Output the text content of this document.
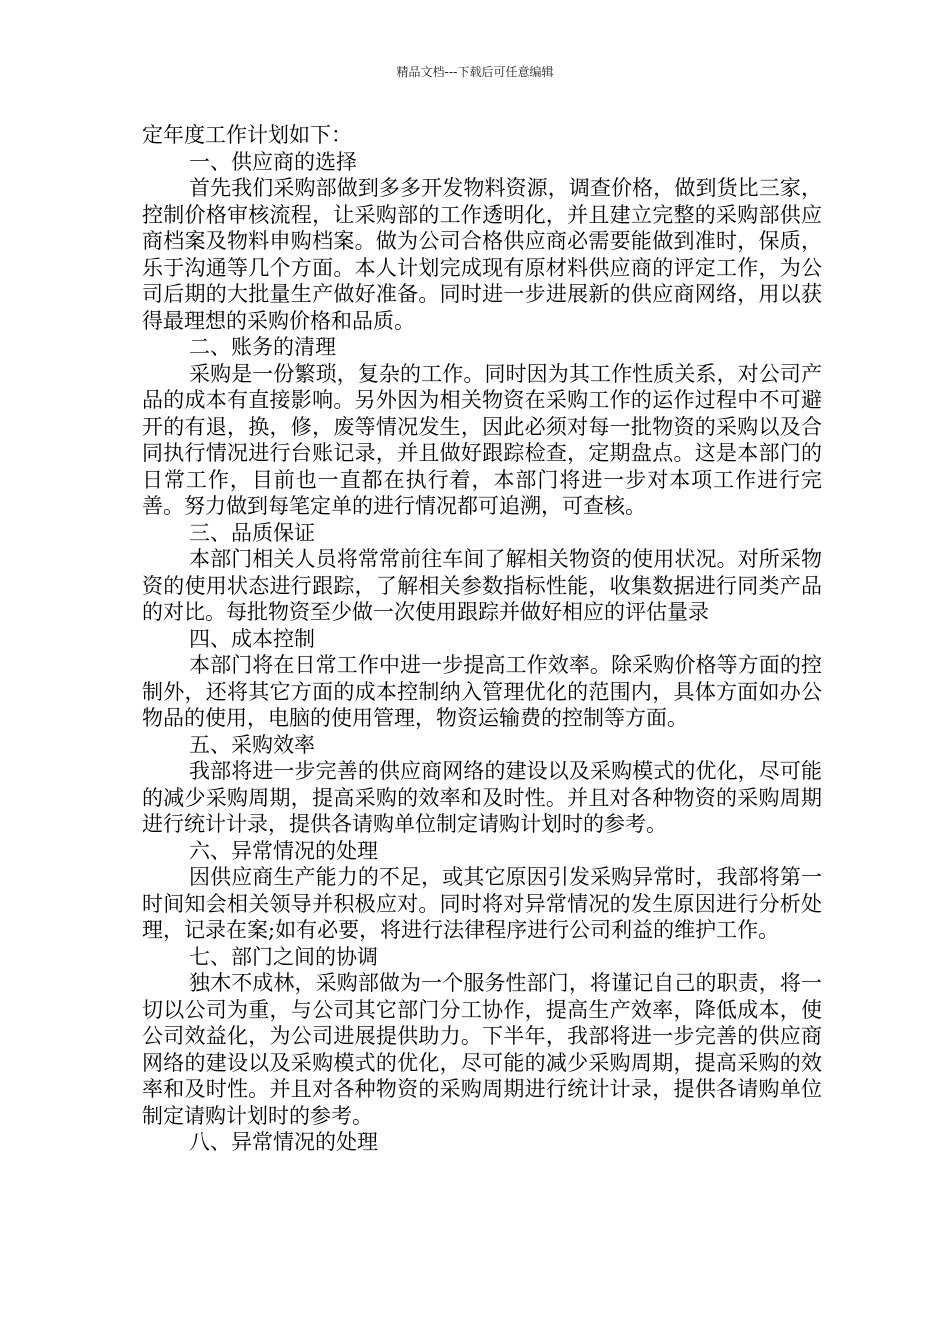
精品文档---下载后可任意编辑

定年度工作计划如下：

一、供应商的选择

首先我们采购部做到多多开发物料资源，调查价格，做到货比三家，控制价格审核流程，让采购部的工作透明化，并且建立完整的采购部供应商档案及物料申购档案。做为公司合格供应商必需要能做到准时，保质，乐于沟通等几个方面。本人计划完成现有原材料供应商的评定工作，为公司后期的大批量生产做好准备。同时进一步进展新的供应商网络，用以获得最理想的采购价格和品质。

二、账务的清理

采购是一份繁琐，复杂的工作。同时因为其工作性质关系，对公司产品的成本有直接影响。另外因为相关物资在采购工作的运作过程中不可避开的有退，换，修，废等情况发生，因此必须对每一批物资的采购以及合同执行情况进行台账记录，并且做好跟踪检查，定期盘点。这是本部门的日常工作，目前也一直都在执行着，本部门将进一步对本项工作进行完善。努力做到每笔定单的进行情况都可追溯，可查核。

三、品质保证

本部门相关人员将常常前往车间了解相关物资的使用状况。对所采物资的使用状态进行跟踪，了解相关参数指标性能，收集数据进行同类产品的对比。每批物资至少做一次使用跟踪并做好相应的评估量录

四、成本控制

本部门将在日常工作中进一步提高工作效率。除采购价格等方面的控制外，还将其它方面的成本控制纳入管理优化的范围内，具体方面如办公物品的使用，电脑的使用管理，物资运输费的控制等方面。

五、采购效率

我部将进一步完善的供应商网络的建设以及采购模式的优化，尽可能的减少采购周期，提高采购的效率和及时性。并且对各种物资的采购周期进行统计计录，提供各请购单位制定请购计划时的参考。

六、异常情况的处理

因供应商生产能力的不足，或其它原因引发采购异常时，我部将第一时间知会相关领导并积极应对。同时将对异常情况的发生原因进行分析处理，记录在案;如有必要，将进行法律程序进行公司利益的维护工作。

七、部门之间的协调

独木不成林，采购部做为一个服务性部门，将谨记自己的职责，将一切以公司为重，与公司其它部门分工协作，提高生产效率，降低成本，使公司效益化，为公司进展提供助力。下半年，我部将进一步完善的供应商网络的建设以及采购模式的优化，尽可能的减少采购周期，提高采购的效率和及时性。并且对各种物资的采购周期进行统计计录，提供各请购单位制定请购计划时的参考。

八、异常情况的处理
